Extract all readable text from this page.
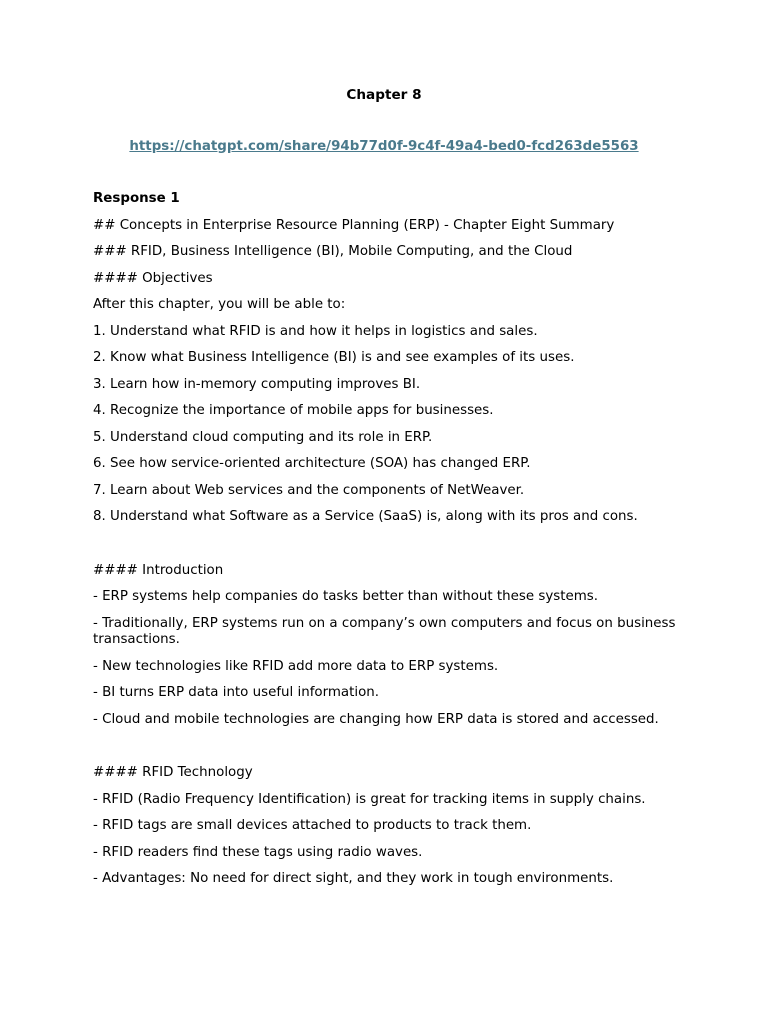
Chapter 8
https://chatgpt.com/share/94b77d0f-9c4f-49a4-bed0-fcd263de5563

Response 1

## Concepts in Enterprise Resource Planning (ERP) - Chapter Eight Summary

### RFID, Business Intelligence (BI), Mobile Computing, and the Cloud

#### Objectives

After this chapter, you will be able to:

1. Understand what RFID is and how it helps in logistics and sales.

2. Know what Business Intelligence (BI) is and see examples of its uses.

3. Learn how in-memory computing improves BI.

4. Recognize the importance of mobile apps for businesses.

5. Understand cloud computing and its role in ERP.

6. See how service-oriented architecture (SOA) has changed ERP.

7. Learn about Web services and the components of NetWeaver.

8. Understand what Software as a Service (SaaS) is, along with its pros and cons.

#### Introduction

- ERP systems help companies do tasks better than without these systems.

- Traditionally, ERP systems run on a company’s own computers and focus on business transactions.

- New technologies like RFID add more data to ERP systems.

- BI turns ERP data into useful information.

- Cloud and mobile technologies are changing how ERP data is stored and accessed.

#### RFID Technology

- RFID (Radio Frequency Identification) is great for tracking items in supply chains.

- RFID tags are small devices attached to products to track them.

- RFID readers find these tags using radio waves.

- Advantages: No need for direct sight, and they work in tough environments.
